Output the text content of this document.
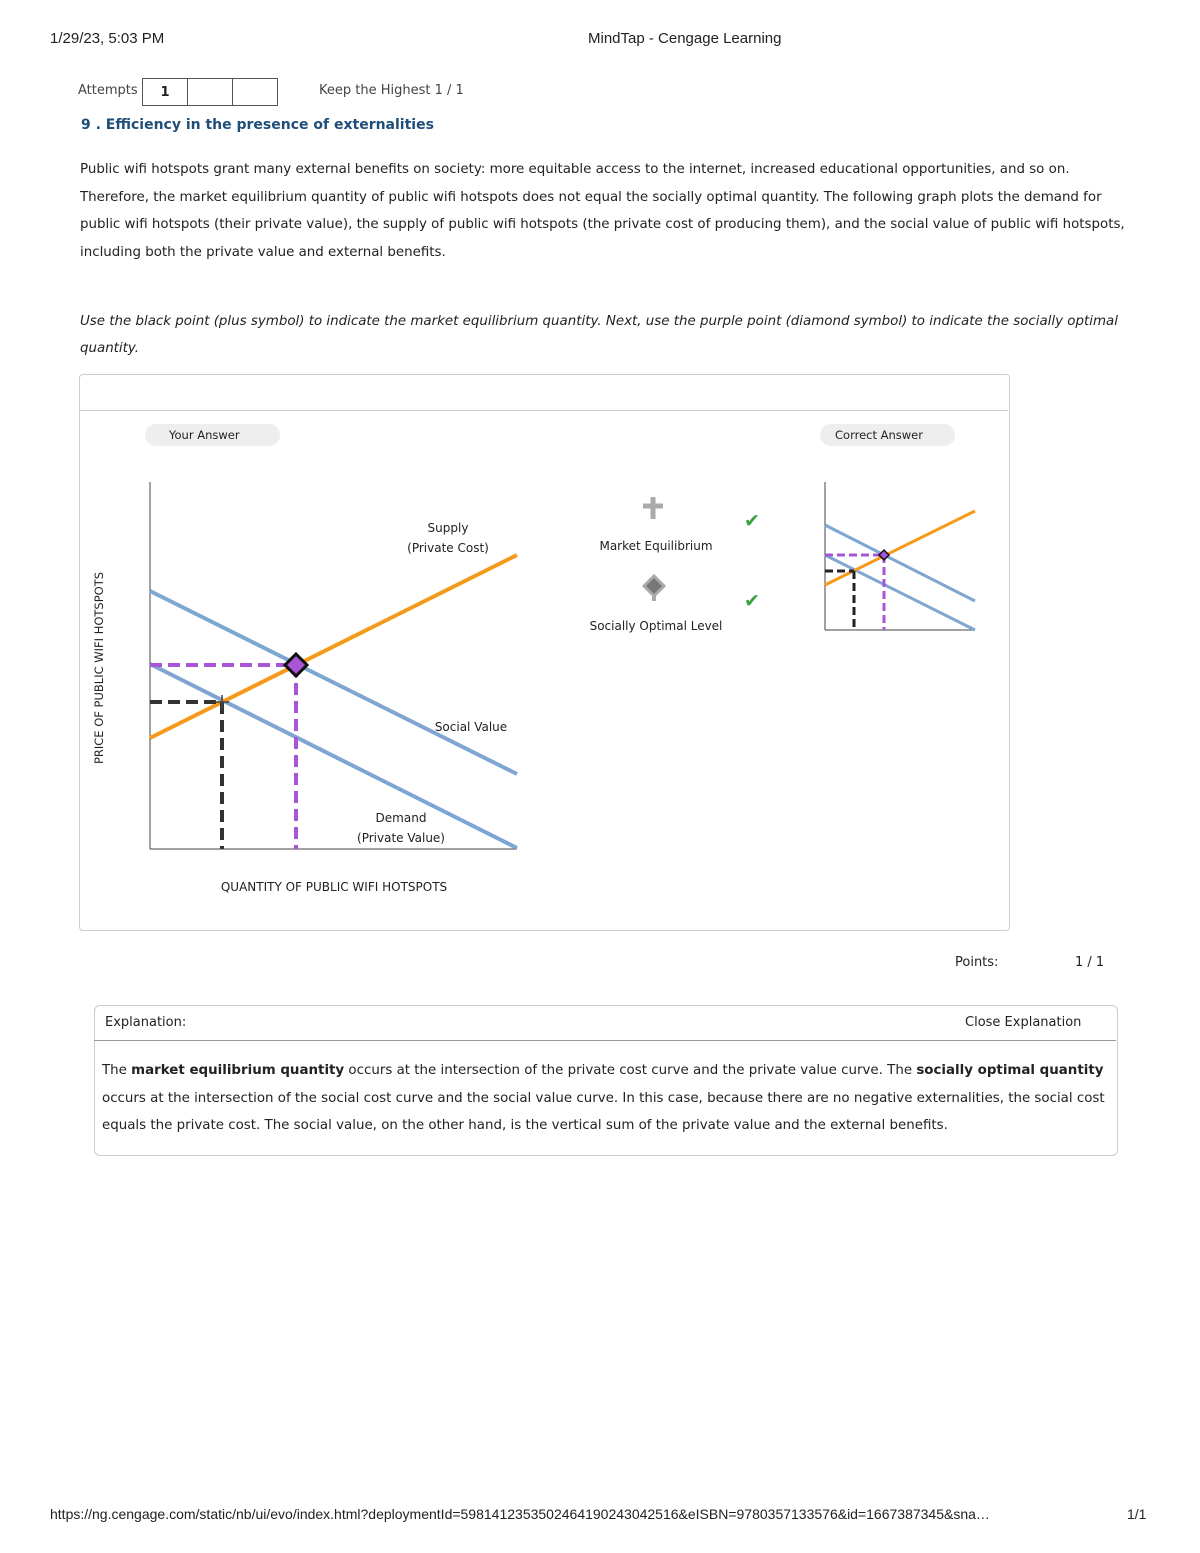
1/29/23, 5:03 PM	MindTap - Cengage Learning
Attempts	1	Keep the Highest 1 / 1
9 . Efficiency in the presence of externalities
Public wifi hotspots grant many external benefits on society: more equitable access to the internet, increased educational opportunities, and so on. Therefore, the market equilibrium quantity of public wifi hotspots does not equal the socially optimal quantity. The following graph plots the demand for public wifi hotspots (their private value), the supply of public wifi hotspots (the private cost of producing them), and the social value of public wifi hotspots, including both the private value and external benefits.
Use the black point (plus symbol) to indicate the market equilibrium quantity. Next, use the purple point (diamond symbol) to indicate the socially optimal quantity.
Your Answer	Correct Answer
PRICE OF PUBLIC WIFI HOTSPOTS
Supply
(Private Cost)
Social Value
Demand
(Private Value)
QUANTITY OF PUBLIC WIFI HOTSPOTS
Market Equilibrium
✔
Socially Optimal Level
✔
Points:	1 / 1
Explanation:	Close Explanation
The market equilibrium quantity occurs at the intersection of the private cost curve and the private value curve. The socially optimal quantity occurs at the intersection of the social cost curve and the social value curve. In this case, because there are no negative externalities, the social cost equals the private cost. The social value, on the other hand, is the vertical sum of the private value and the external benefits.
https://ng.cengage.com/static/nb/ui/evo/index.html?deploymentId=5981412353502464190243042516&eISBN=9780357133576&id=1667387345&sna…	1/1
